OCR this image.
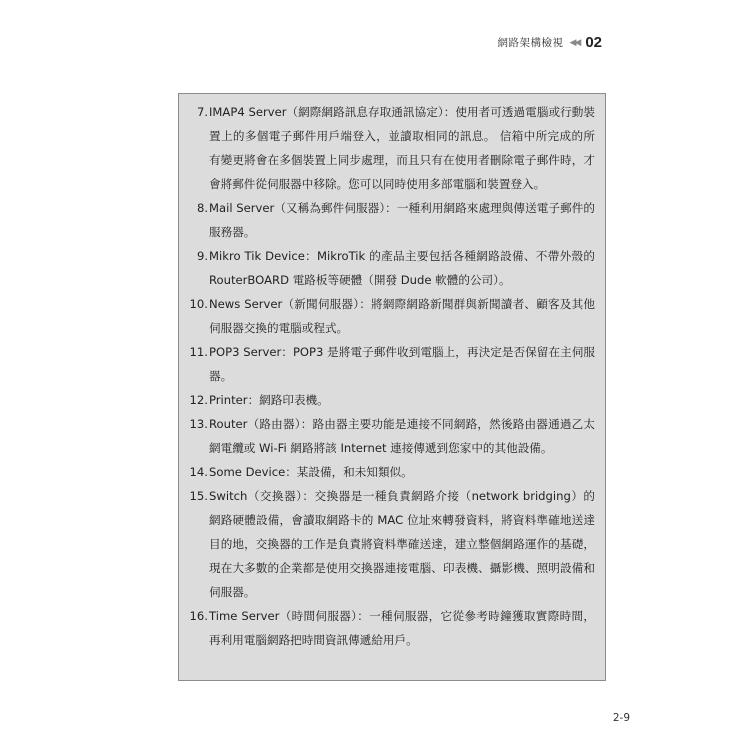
網路架構檢視 ◀◀ 02
7. IMAP4 Server（網際網路訊息存取通訊協定）：使用者可透過電腦或行動裝置上的多個電子郵件用戶端登入，並讀取相同的訊息。 信箱中所完成的所有變更將會在多個裝置上同步處理，而且只有在使用者刪除電子郵件時，才會將郵件從伺服器中移除。您可以同時使用多部電腦和裝置登入。
8. Mail Server（又稱為郵件伺服器）：一種利用網路來處理與傳送電子郵件的服務器。
9. Mikro Tik Device：MikroTik 的產品主要包括各種網路設備、不帶外殼的 RouterBOARD 電路板等硬體（開發 Dude 軟體的公司）。
10. News Server（新聞伺服器）：將網際網路新聞群與新聞讀者、顧客及其他伺服器交換的電腦或程式。
11. POP3 Server：POP3 是將電子郵件收到電腦上，再決定是否保留在主伺服器。
12. Printer：網路印表機。
13. Router（路由器）：路由器主要功能是連接不同網路，然後路由器通過乙太網電纜或 Wi-Fi 網路將該 Internet 連接傳遞到您家中的其他設備。
14. Some Device：某設備，和未知類似。
15. Switch（交換器）：交換器是一種負責網路介接（network bridging）的網路硬體設備，會讀取網路卡的 MAC 位址來轉發資料，將資料準確地送達目的地，交換器的工作是負責將資料準確送達，建立整個網路運作的基礎，現在大多數的企業都是使用交換器連接電腦、印表機、攝影機、照明設備和伺服器。
16. Time Server（時間伺服器）：一種伺服器，它從參考時鐘獲取實際時間，再利用電腦網路把時間資訊傳遞給用戶。
2-9
